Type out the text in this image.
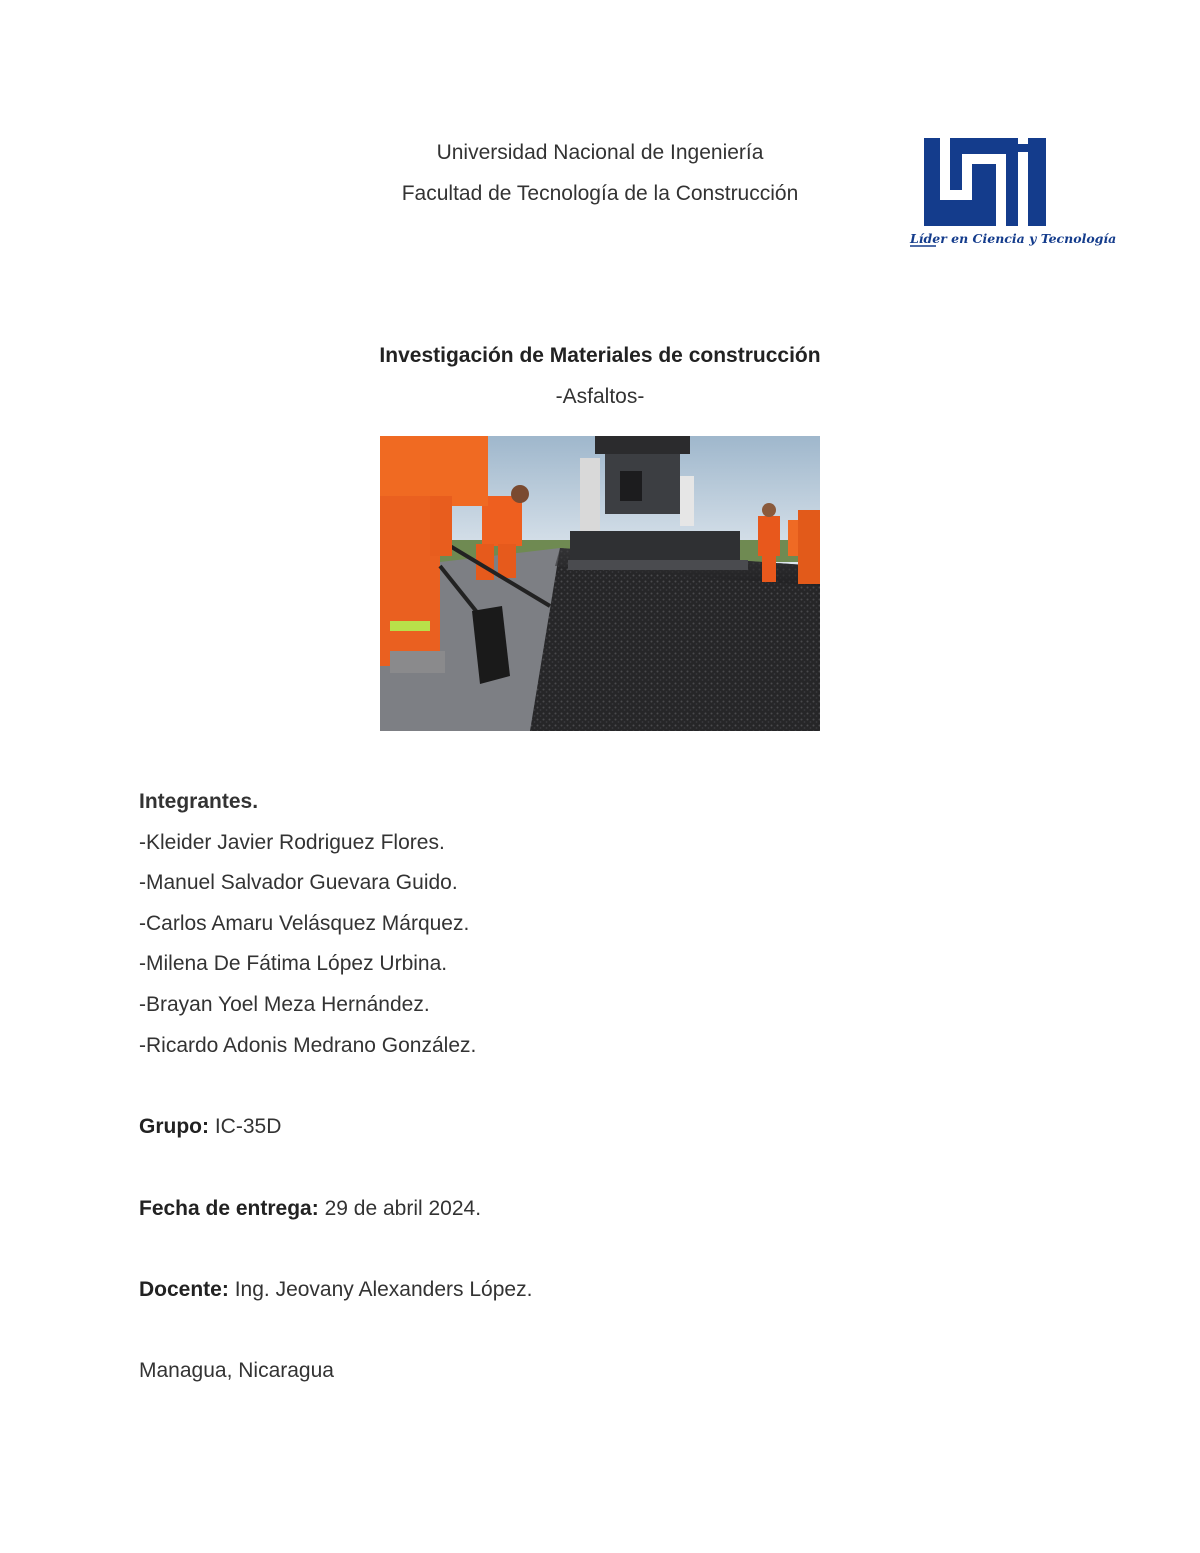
Universidad Nacional de Ingeniería
Facultad de Tecnología de la Construcción
Líder en Ciencia y Tecnología
Investigación de Materiales de construcción
-Asfaltos-
Integrantes.
-Kleider Javier Rodriguez Flores.
-Manuel Salvador Guevara Guido.
-Carlos Amaru Velásquez Márquez.
-Milena De Fátima López Urbina.
-Brayan Yoel Meza Hernández.
-Ricardo Adonis Medrano González.
Grupo: IC-35D
Fecha de entrega: 29 de abril 2024.
Docente: Ing. Jeovany Alexanders López.
Managua, Nicaragua
